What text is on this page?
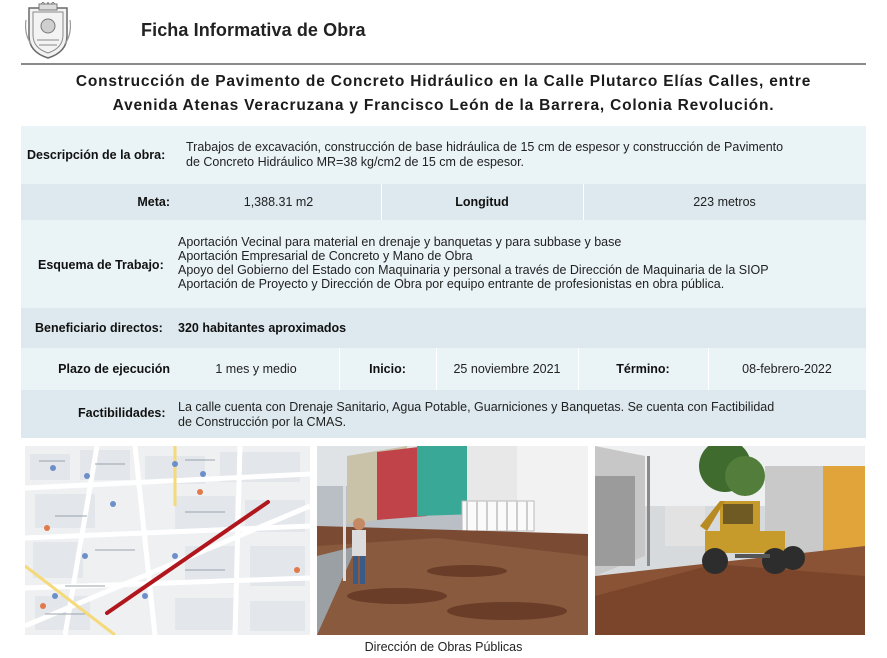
Ficha Informativa de Obra
Construcción de Pavimento de Concreto Hidráulico en la Calle Plutarco Elías Calles, entre
Avenida Atenas Veracruzana y Francisco León de la Barrera, Colonia Revolución.
Descripción de la obra:
Trabajos de excavación, construcción de base hidráulica de 15 cm de espesor y construcción de Pavimento
de Concreto Hidráulico MR=38 kg/cm2 de 15 cm de espesor.
Meta:	1,388.31 m2	Longitud	223 metros
Esquema de Trabajo:
Aportación Vecinal para material en drenaje y banquetas y para subbase y base
Aportación Empresarial de Concreto y Mano de Obra
Apoyo del Gobierno del Estado con Maquinaria y personal a través de Dirección de Maquinaria de la SIOP
Aportación de Proyecto y Dirección de Obra por equipo entrante de profesionistas en obra pública.
Beneficiario directos: 320 habitantes aproximados
Plazo de ejecución	1 mes y medio	Inicio:	25 noviembre 2021	Término:	08-febrero-2022
Factibilidades: La calle cuenta con Drenaje Sanitario, Agua Potable, Guarniciones y Banquetas. Se cuenta con Factibilidad
de Construcción por la CMAS.
Dirección de Obras Públicas
